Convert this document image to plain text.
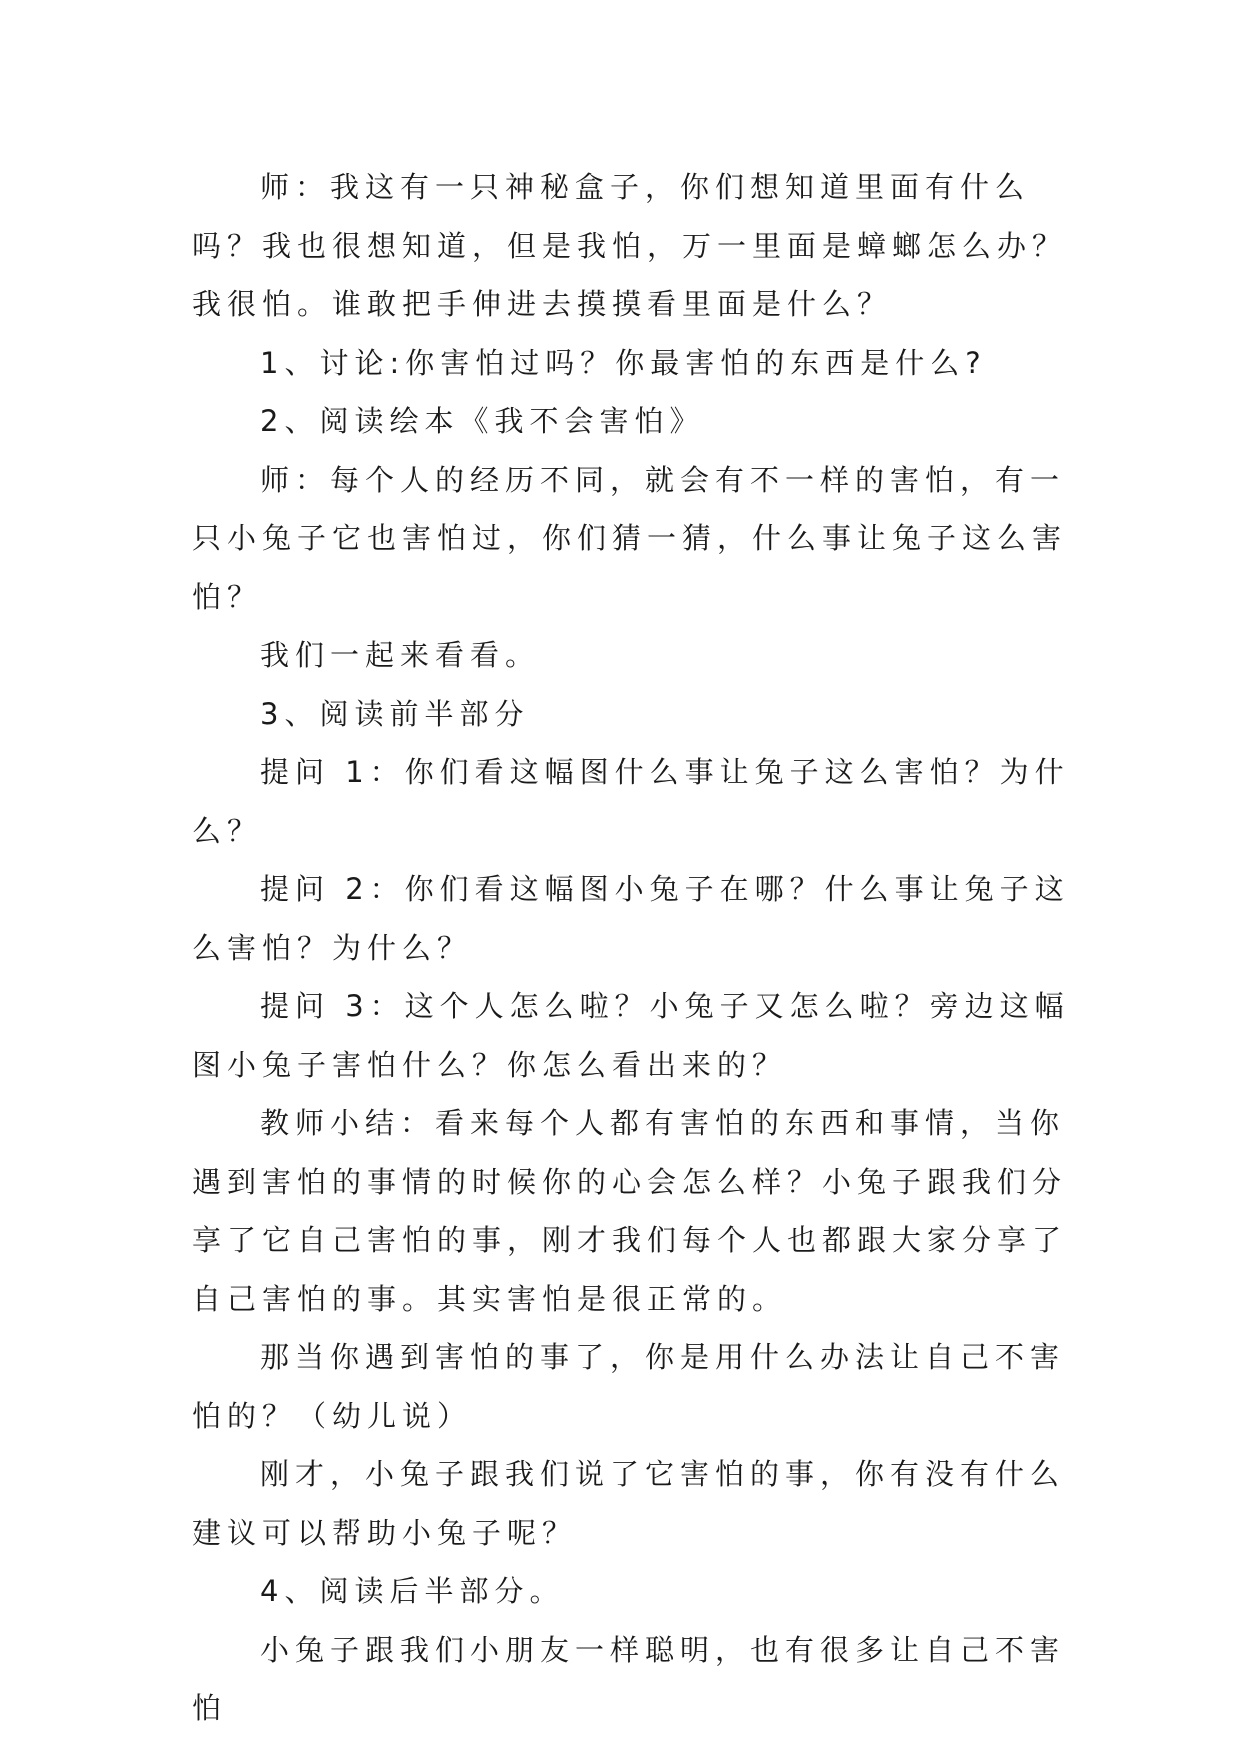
师：我这有一只神秘盒子，你们想知道里面有什么吗？我也很想知道，但是我怕，万一里面是蟑螂怎么办？我很怕。谁敢把手伸进去摸摸看里面是什么？

1、讨论:你害怕过吗？你最害怕的东西是什么?

2、阅读绘本《我不会害怕》

师：每个人的经历不同，就会有不一样的害怕，有一只小兔子它也害怕过，你们猜一猜，什么事让兔子这么害怕？

我们一起来看看。

3、阅读前半部分

提问 1：你们看这幅图什么事让兔子这么害怕？为什么？

提问 2：你们看这幅图小兔子在哪？什么事让兔子这么害怕？为什么？

提问 3：这个人怎么啦？小兔子又怎么啦？旁边这幅图小兔子害怕什么？你怎么看出来的？

教师小结：看来每个人都有害怕的东西和事情，当你遇到害怕的事情的时候你的心会怎么样？小兔子跟我们分享了它自己害怕的事，刚才我们每个人也都跟大家分享了自己害怕的事。其实害怕是很正常的。

那当你遇到害怕的事了，你是用什么办法让自己不害怕的？（幼儿说）

刚才，小兔子跟我们说了它害怕的事，你有没有什么建议可以帮助小兔子呢？

4、阅读后半部分。

小兔子跟我们小朋友一样聪明，也有很多让自己不害怕
